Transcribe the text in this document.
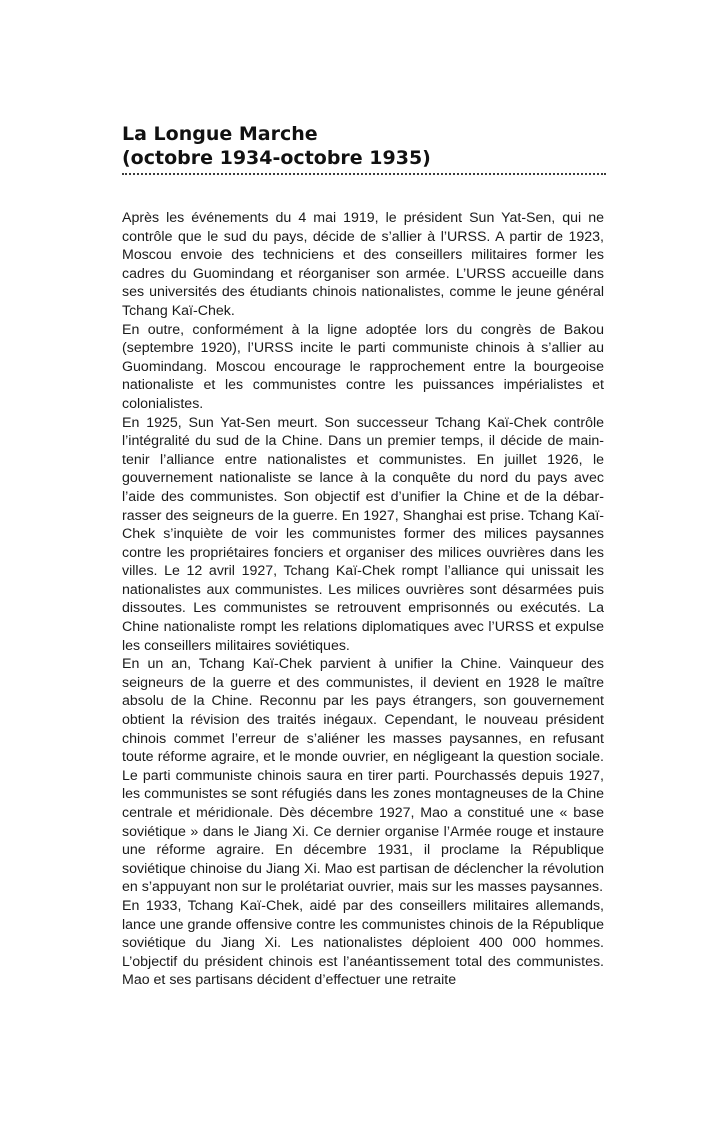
La Longue Marche
(octobre 1934-octobre 1935)

Après les événements du 4 mai 1919, le président Sun Yat-Sen, qui ne contrôle que le sud du pays, décide de s’allier à l’URSS. A partir de 1923, Moscou envoie des techniciens et des conseillers militaires former les cadres du Guomindang et réorganiser son armée. L’URSS accueille dans ses universités des étudiants chinois nationalistes, comme le jeune général Tchang Kaï-Chek.

En outre, conformément à la ligne adoptée lors du congrès de Bakou (septembre 1920), l’URSS incite le parti communiste chinois à s’allier au Guomindang. Moscou encourage le rapprochement entre la bourgeoise nationaliste et les communistes contre les puissances impérialistes et colonialistes.

En 1925, Sun Yat-Sen meurt. Son successeur Tchang Kaï-Chek contrôle l’intégralité du sud de la Chine. Dans un premier temps, il décide de maintenir l’alliance entre nationalistes et communistes. En juillet 1926, le gouvernement nationaliste se lance à la conquête du nord du pays avec l’aide des communistes. Son objectif est d’unifier la Chine et de la débarrasser des seigneurs de la guerre. En 1927, Shanghai est prise. Tchang Kaï-Chek s’inquiète de voir les communistes former des milices paysannes contre les propriétaires fonciers et organiser des milices ouvrières dans les villes. Le 12 avril 1927, Tchang Kaï-Chek rompt l’alliance qui unissait les nationalistes aux communistes. Les milices ouvrières sont désarmées puis dissoutes. Les communistes se retrouvent emprisonnés ou exécutés. La Chine nationaliste rompt les relations diplomatiques avec l’URSS et expulse les conseillers militaires soviétiques.

En un an, Tchang Kaï-Chek parvient à unifier la Chine. Vainqueur des seigneurs de la guerre et des communistes, il devient en 1928 le maître absolu de la Chine. Reconnu par les pays étrangers, son gouvernement obtient la révision des traités inégaux. Cependant, le nouveau président chinois commet l’erreur de s’aliéner les masses paysannes, en refusant toute réforme agraire, et le monde ouvrier, en négligeant la question sociale. Le parti communiste chinois saura en tirer parti. Pourchassés depuis 1927, les communistes se sont réfugiés dans les zones montagneuses de la Chine centrale et méridionale. Dès décembre 1927, Mao a constitué une « base soviétique » dans le Jiang Xi. Ce dernier organise l’Armée rouge et instaure une réforme agraire. En décembre 1931, il proclame la République soviétique chinoise du Jiang Xi. Mao est partisan de déclencher la révolution en s’appuyant non sur le prolétariat ouvrier, mais sur les masses paysannes.

En 1933, Tchang Kaï-Chek, aidé par des conseillers militaires allemands, lance une grande offensive contre les communistes chinois de la République soviétique du Jiang Xi. Les nationalistes déploient 400 000 hommes. L’objectif du président chinois est l’anéantissement total des communistes. Mao et ses partisans décident d’effectuer une retraite
